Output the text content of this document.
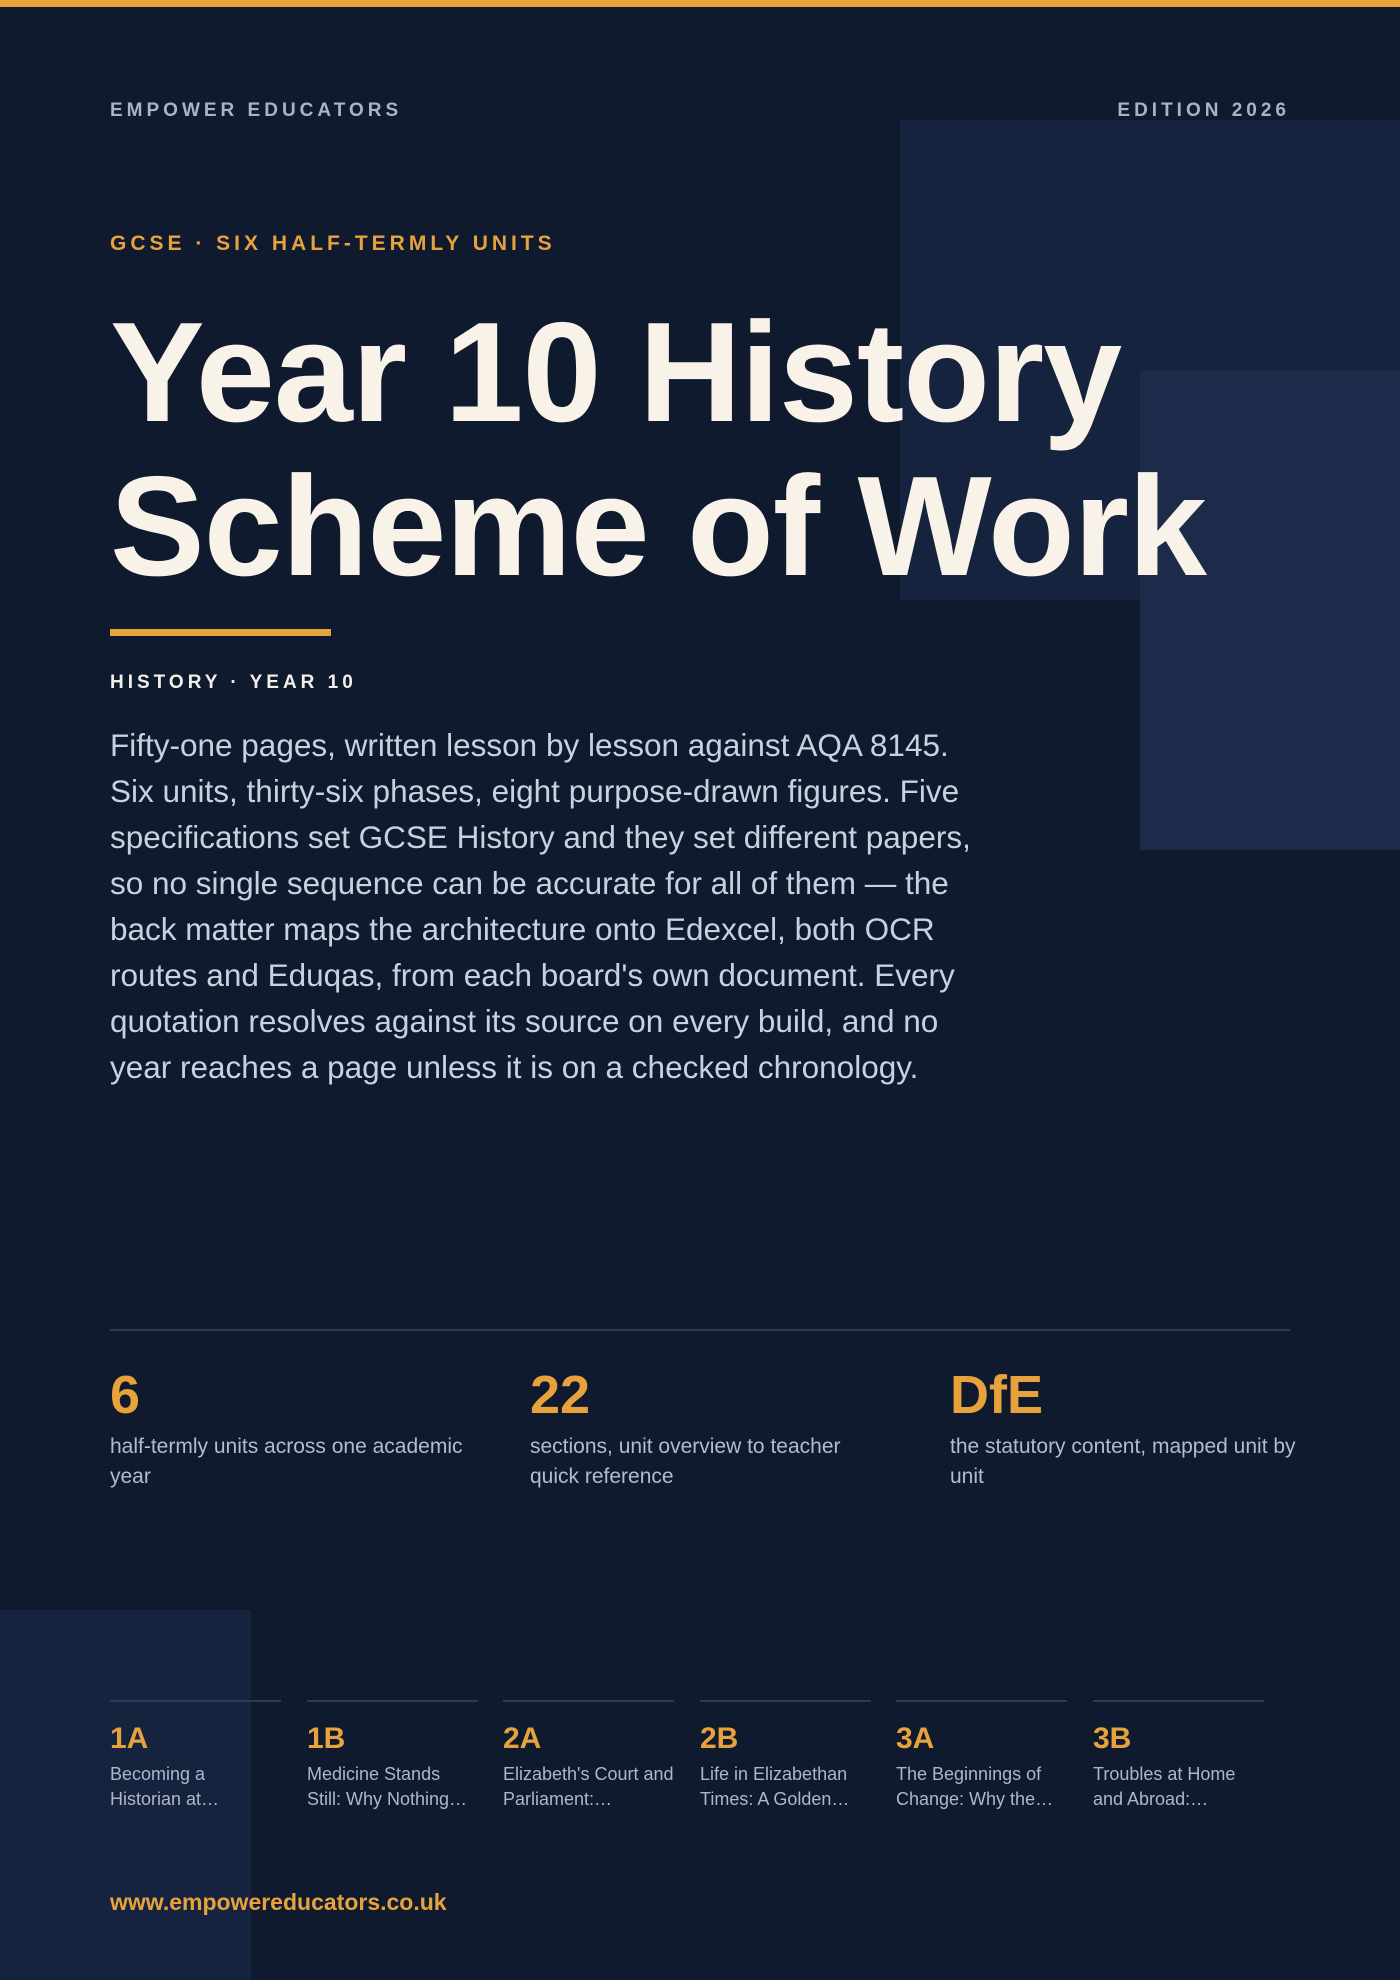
EMPOWER EDUCATORS	EDITION 2026
GCSE · SIX HALF-TERMLY UNITS
Year 10 History
Scheme of Work
HISTORY · YEAR 10

Fifty-one pages, written lesson by lesson against AQA 8145. Six units, thirty-six phases, eight purpose-drawn figures. Five specifications set GCSE History and they set different papers, so no single sequence can be accurate for all of them — the back matter maps the architecture onto Edexcel, both OCR routes and Eduqas, from each board's own document. Every quotation resolves against its source on every build, and no year reaches a page unless it is on a checked chronology.

6
half-termly units across one academic year
22
sections, unit overview to teacher quick reference
DfE
the statutory content, mapped unit by unit
1A
Becoming a Historian at…
1B
Medicine Stands Still: Why Nothing…
2A
Elizabeth's Court and Parliament:…
2B
Life in Elizabethan Times: A Golden…
3A
The Beginnings of Change: Why the…
3B
Troubles at Home and Abroad:…
www.empowereducators.co.uk
